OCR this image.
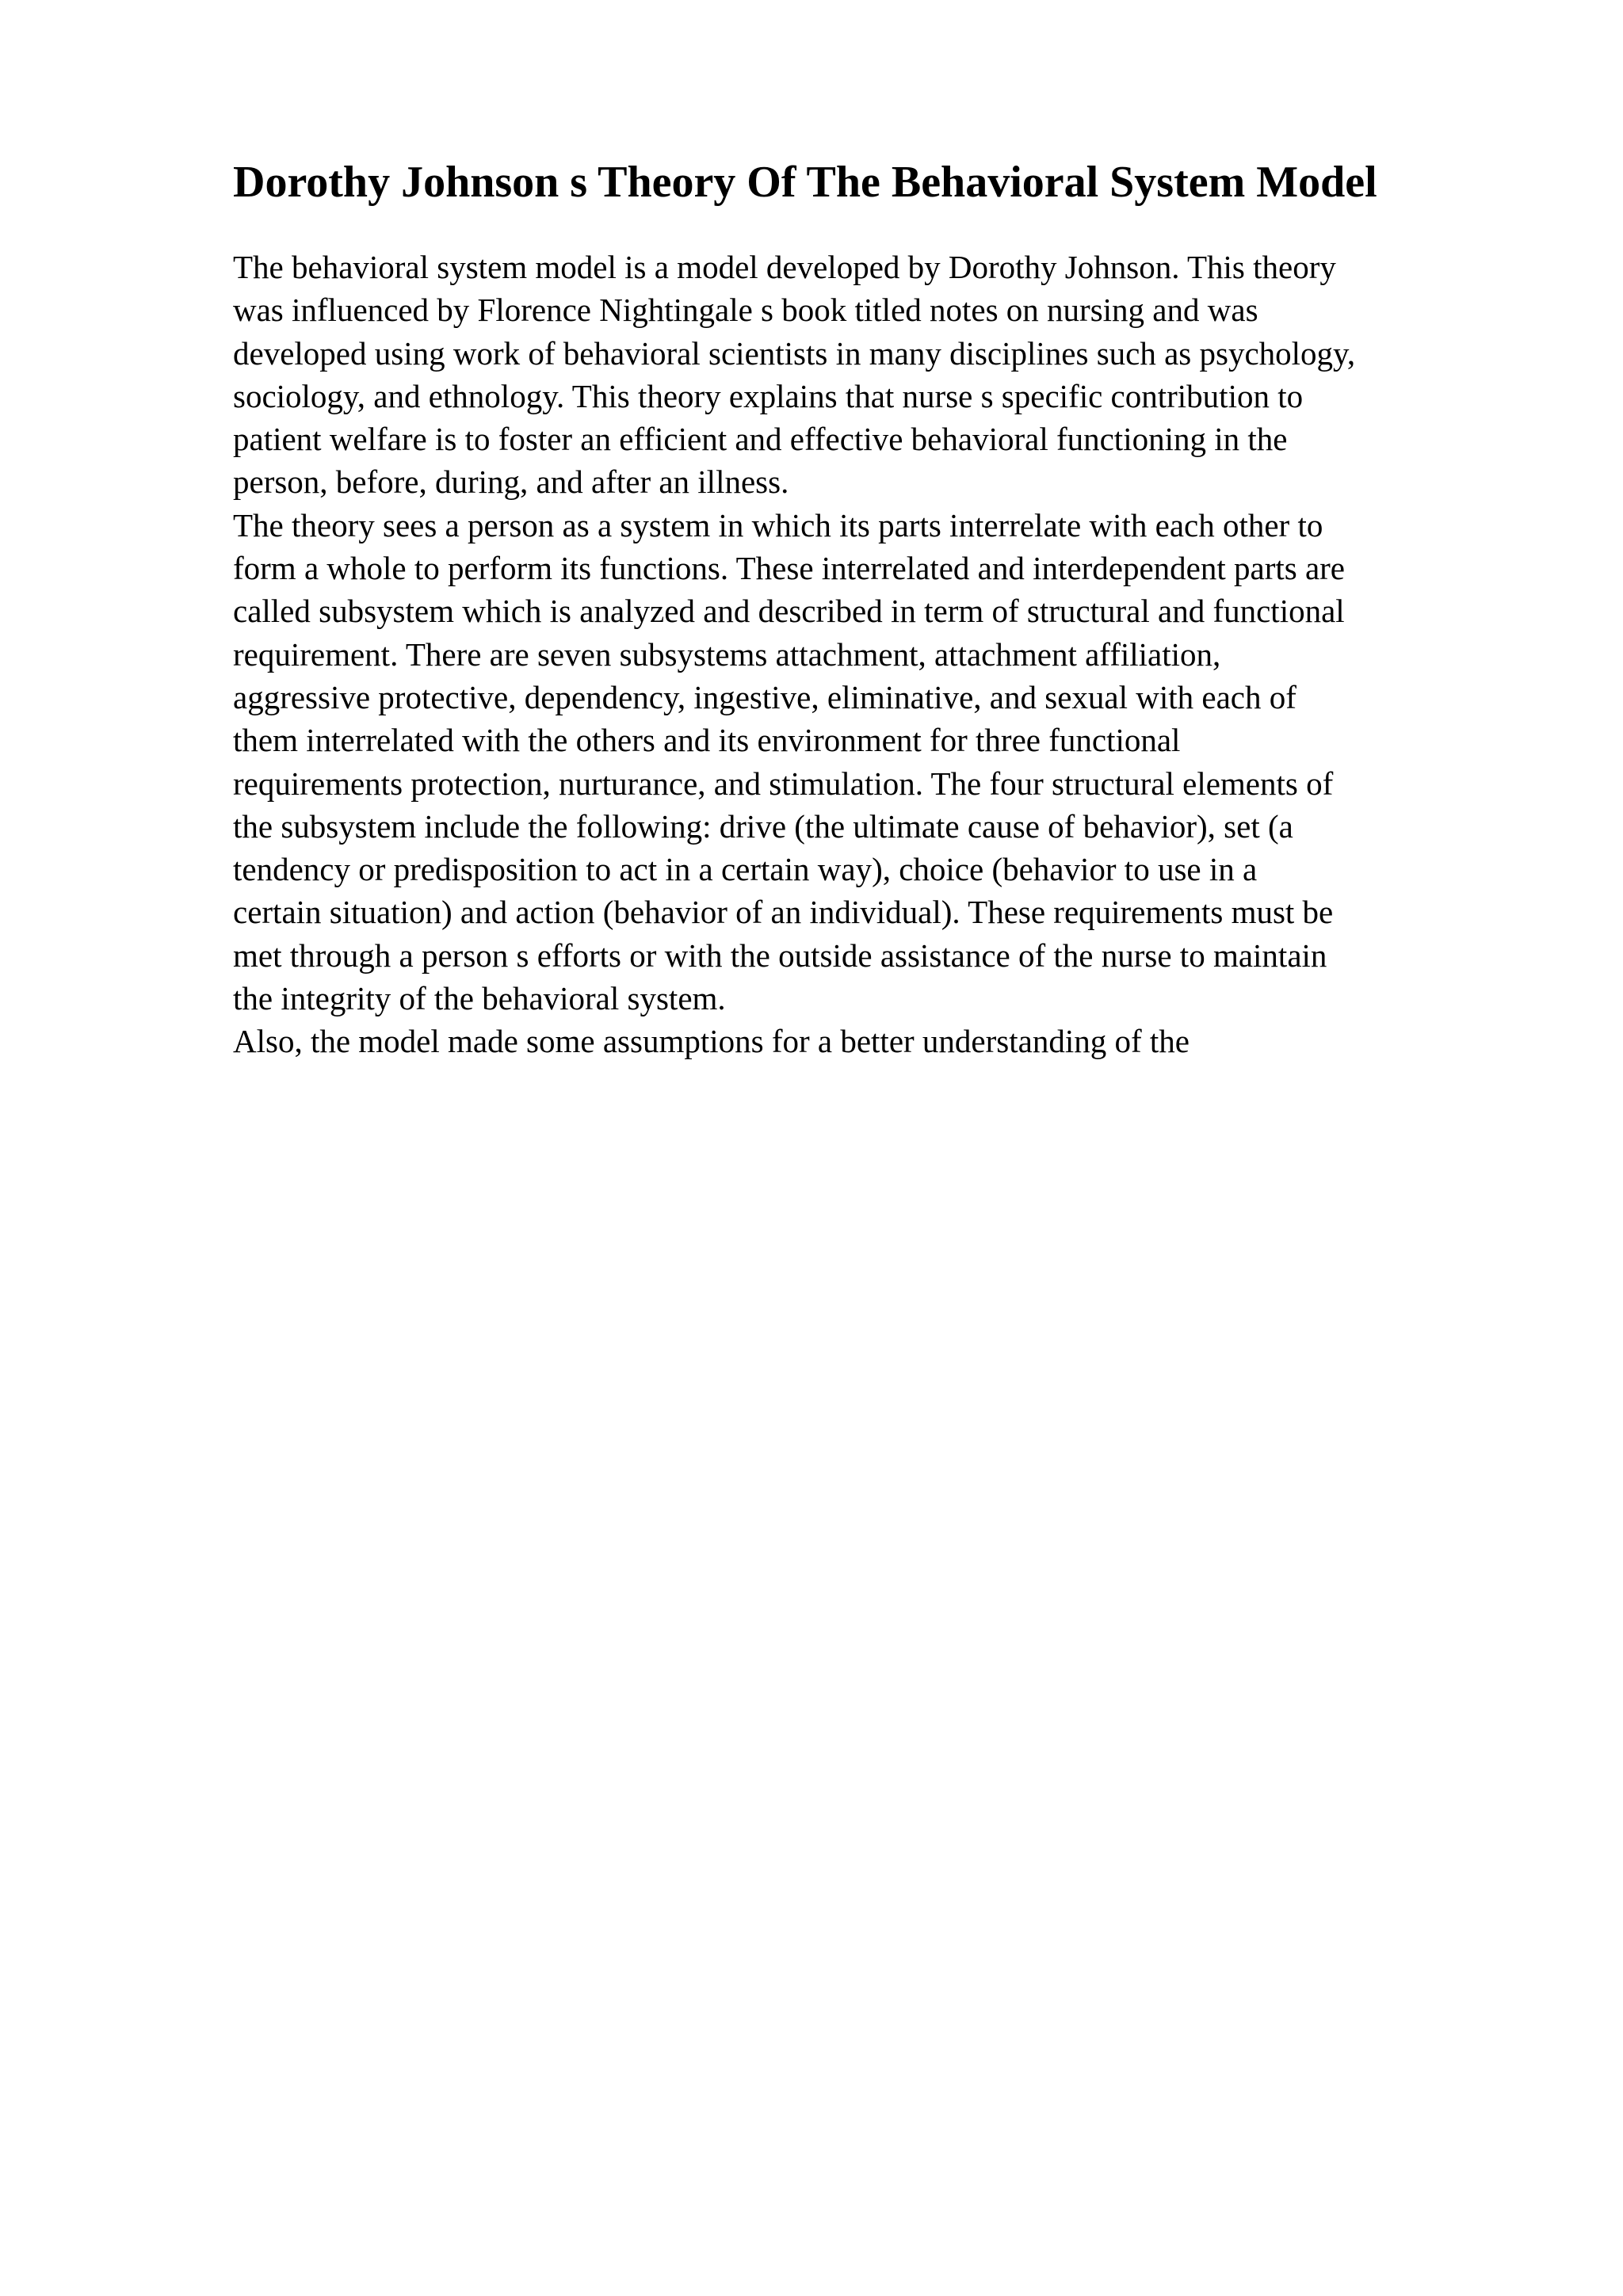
Dorothy Johnson s Theory Of The Behavioral System Model
The behavioral system model is a model developed by Dorothy Johnson. This theory
was influenced by Florence Nightingale s book titled notes on nursing and was
developed using work of behavioral scientists in many disciplines such as psychology,
sociology, and ethnology. This theory explains that nurse s specific contribution to
patient welfare is to foster an efficient and effective behavioral functioning in the
person, before, during, and after an illness.
The theory sees a person as a system in which its parts interrelate with each other to
form a whole to perform its functions. These interrelated and interdependent parts are
called subsystem which is analyzed and described in term of structural and functional
requirement. There are seven subsystems attachment, attachment affiliation,
aggressive protective, dependency, ingestive, eliminative, and sexual with each of
them interrelated with the others and its environment for three functional
requirements protection, nurturance, and stimulation. The four structural elements of
the subsystem include the following: drive (the ultimate cause of behavior), set (a
tendency or predisposition to act in a certain way), choice (behavior to use in a
certain situation) and action (behavior of an individual). These requirements must be
met through a person s efforts or with the outside assistance of the nurse to maintain
the integrity of the behavioral system.
Also, the model made some assumptions for a better understanding of the
